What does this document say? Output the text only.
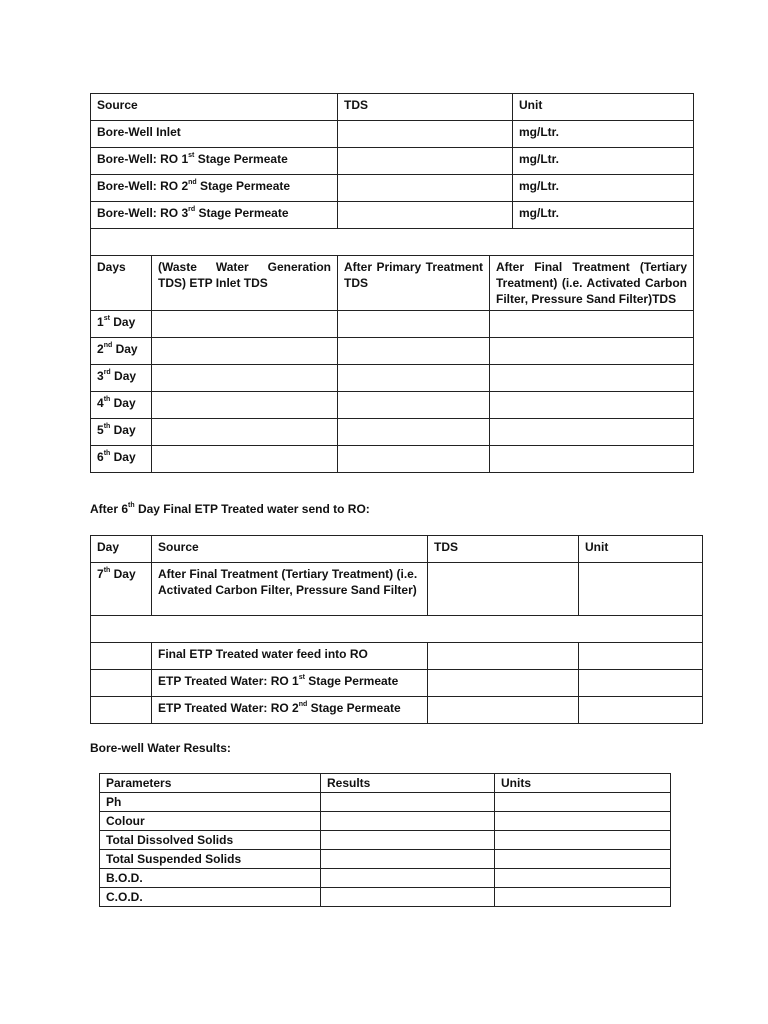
Source		TDS		Unit
Bore-Well Inlet				mg/Ltr.
Bore-Well: RO 1st Stage Permeate				mg/Ltr.
Bore-Well: RO 2nd Stage Permeate				mg/Ltr.
Bore-Well: RO 3rd Stage Permeate				mg/Ltr.

Days	(Waste Water Generation TDS) ETP Inlet TDS	After Primary Treatment TDS	After Final Treatment (Tertiary Treatment) (i.e. Activated Carbon Filter, Pressure Sand Filter)TDS	
1st Day				
2nd Day				
3rd Day				
4th Day				
5th Day				
6th Day				

After 6th Day Final ETP Treated water send to RO:

Day	Source	TDS	Unit
7th Day	After Final Treatment (Tertiary Treatment) (i.e. Activated Carbon Filter, Pressure Sand Filter)		

	Final ETP Treated water feed into RO		
	ETP Treated Water: RO 1st Stage Permeate		
	ETP Treated Water: RO 2nd Stage Permeate		

Bore-well Water Results:

Parameters	Results	Units
Ph		
Colour		
Total Dissolved Solids		
Total Suspended Solids		
B.O.D.		
C.O.D.		
